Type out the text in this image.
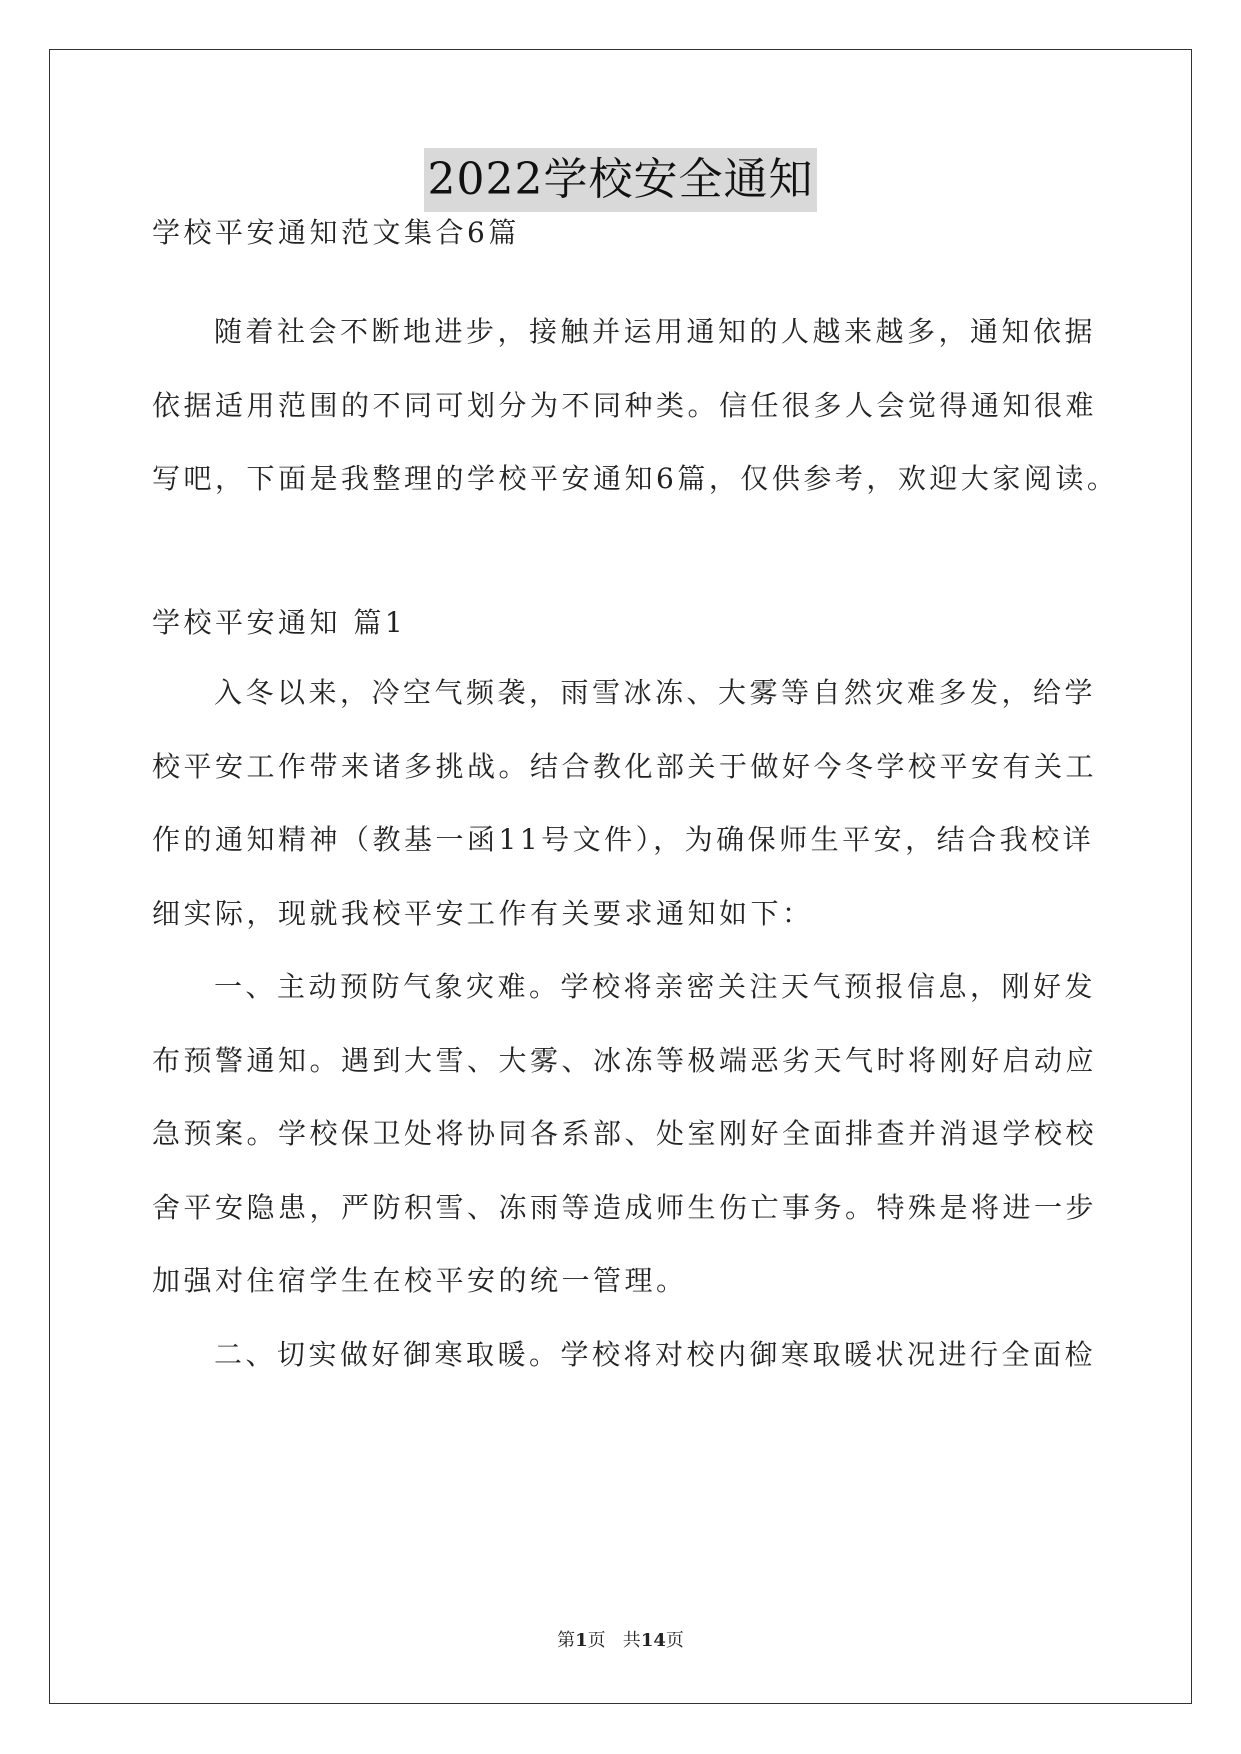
2022学校安全通知
学校平安通知范文集合6篇
随着社会不断地进步，接触并运用通知的人越来越多，通知依据
依据适用范围的不同可划分为不同种类。信任很多人会觉得通知很难
写吧，下面是我整理的学校平安通知6篇，仅供参考，欢迎大家阅读。
学校平安通知 篇1
入冬以来，冷空气频袭，雨雪冰冻、大雾等自然灾难多发，给学
校平安工作带来诸多挑战。结合教化部关于做好今冬学校平安有关工
作的通知精神（教基一函11号文件），为确保师生平安，结合我校详
细实际，现就我校平安工作有关要求通知如下：
一、主动预防气象灾难。学校将亲密关注天气预报信息，刚好发
布预警通知。遇到大雪、大雾、冰冻等极端恶劣天气时将刚好启动应
急预案。学校保卫处将协同各系部、处室刚好全面排查并消退学校校
舍平安隐患，严防积雪、冻雨等造成师生伤亡事务。特殊是将进一步
加强对住宿学生在校平安的统一管理。
二、切实做好御寒取暖。学校将对校内御寒取暖状况进行全面检
第1页   共14页
